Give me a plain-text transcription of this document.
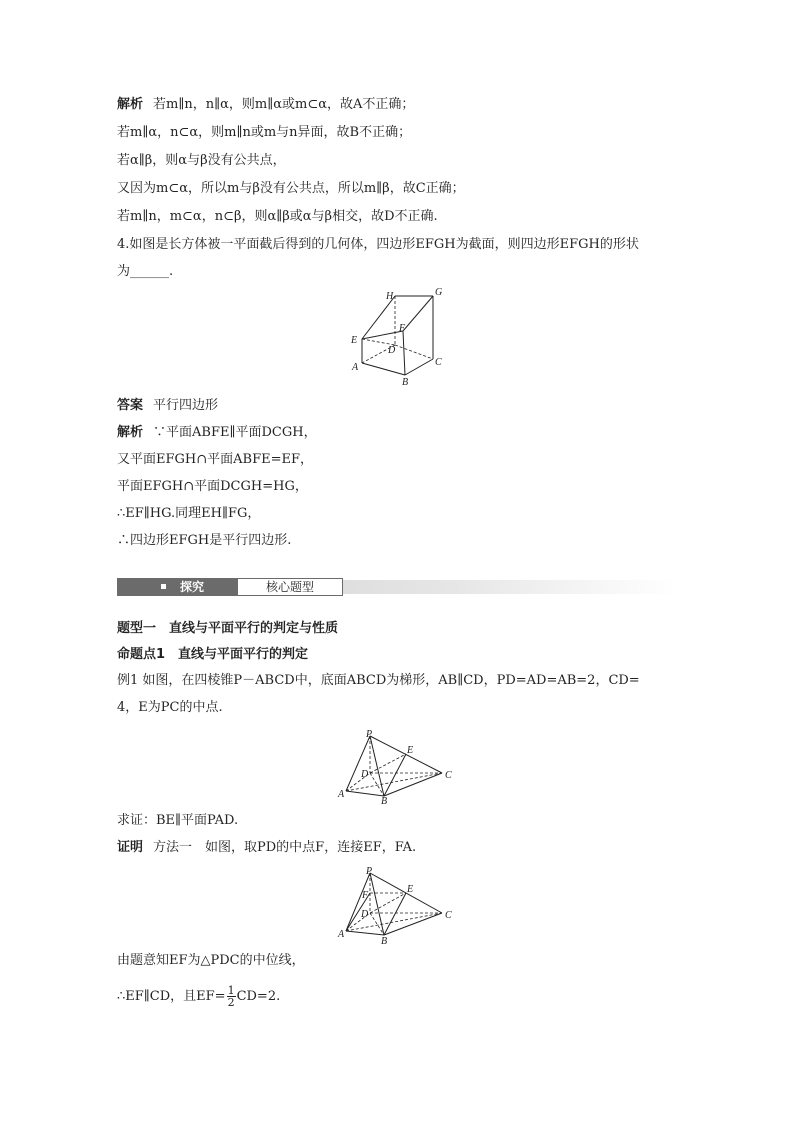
解析 若m∥n，n∥α，则m∥α或m⊂α，故A不正确；
若m∥α，n⊂α，则m∥n或m与n异面，故B不正确；
若α∥β，则α与β没有公共点，
又因为m⊂α，所以m与β没有公共点，所以m∥β，故C正确；
若m∥n，m⊂α，n⊂β，则α∥β或α与β相交，故D不正确.
4.如图是长方体被一平面截后得到的几何体，四边形EFGH为截面，则四边形EFGH的形状
为______.
H	G
E
F
D
A	C
B
答案 平行四边形
解析 ∵平面ABFE∥平面DCGH，
又平面EFGH∩平面ABFE=EF，
平面EFGH∩平面DCGH=HG，
∴EF∥HG.同理EH∥FG，
∴四边形EFGH是平行四边形.
探究	核心题型
题型一　直线与平面平行的判定与性质
命题点1　直线与平面平行的判定
例1 如图，在四棱锥P－ABCD中，底面ABCD为梯形，AB∥CD，PD=AD=AB=2，CD=
4，E为PC的中点.
P
E
D	C
A
B
求证：BE∥平面PAD.
证明 方法一　如图，取PD的中点F，连接EF，FA.
P
E
F
D	C
A
B
由题意知EF为△PDC的中位线，
∴EF∥CD，且$EF= \frac{1}{2} CD=2$.
